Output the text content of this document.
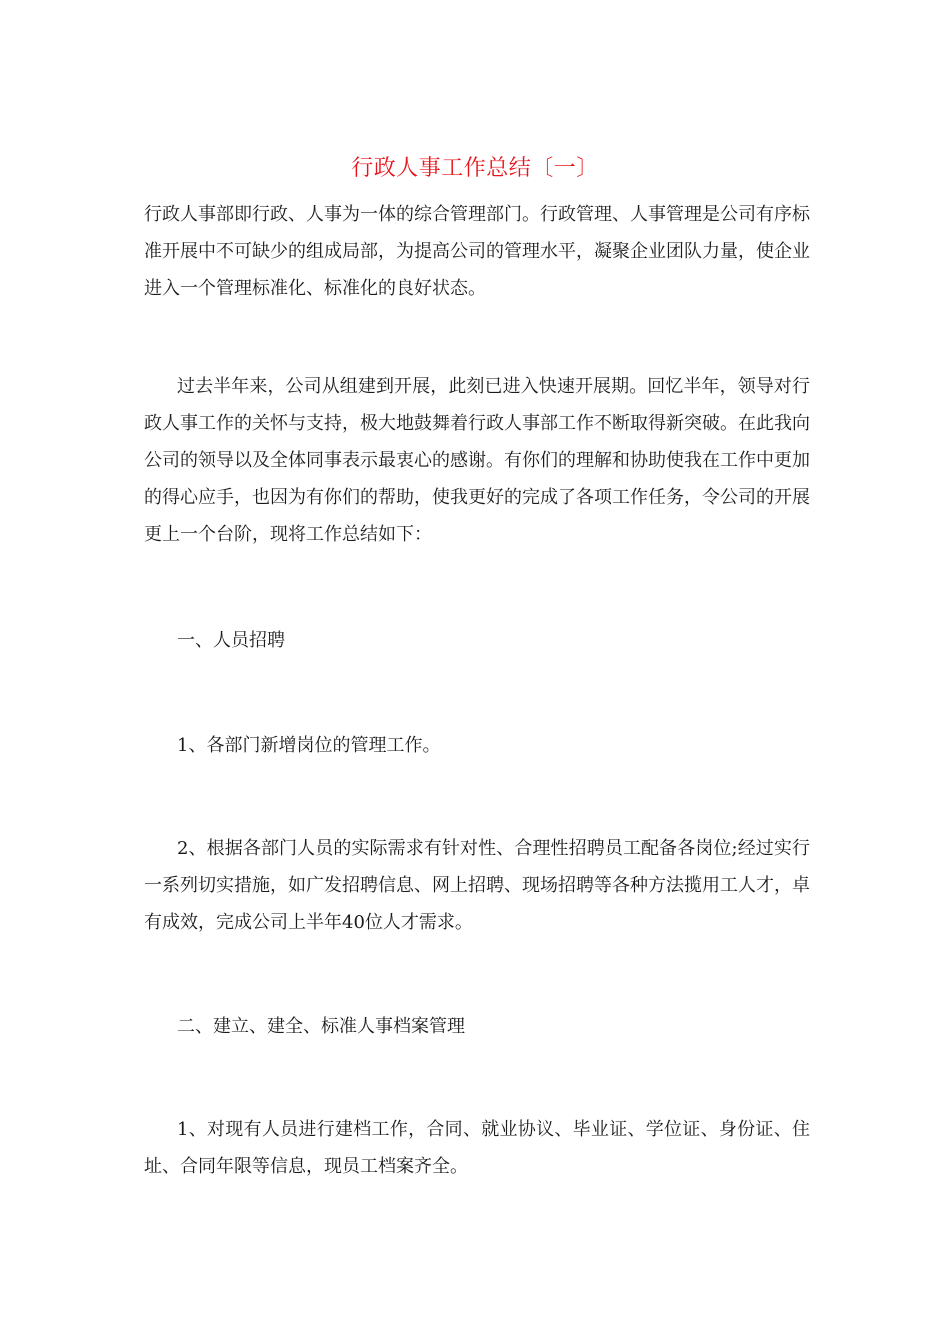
行政人事工作总结〔一〕

行政人事部即行政、人事为一体的综合管理部门。行政管理、人事管理是公司有序标准开展中不可缺少的组成局部，为提高公司的管理水平，凝聚企业团队力量，使企业进入一个管理标准化、标准化的良好状态。

过去半年来，公司从组建到开展，此刻已进入快速开展期。回忆半年，领导对行政人事工作的关怀与支持，极大地鼓舞着行政人事部工作不断取得新突破。在此我向公司的领导以及全体同事表示最衷心的感谢。有你们的理解和协助使我在工作中更加的得心应手，也因为有你们的帮助，使我更好的完成了各项工作任务，令公司的开展更上一个台阶，现将工作总结如下：

一、人员招聘

1、各部门新增岗位的管理工作。

2、根据各部门人员的实际需求有针对性、合理性招聘员工配备各岗位;经过实行一系列切实措施，如广发招聘信息、网上招聘、现场招聘等各种方法揽用工人才，卓有成效，完成公司上半年40位人才需求。

二、建立、建全、标准人事档案管理

1、对现有人员进行建档工作，合同、就业协议、毕业证、学位证、身份证、住址、合同年限等信息，现员工档案齐全。
